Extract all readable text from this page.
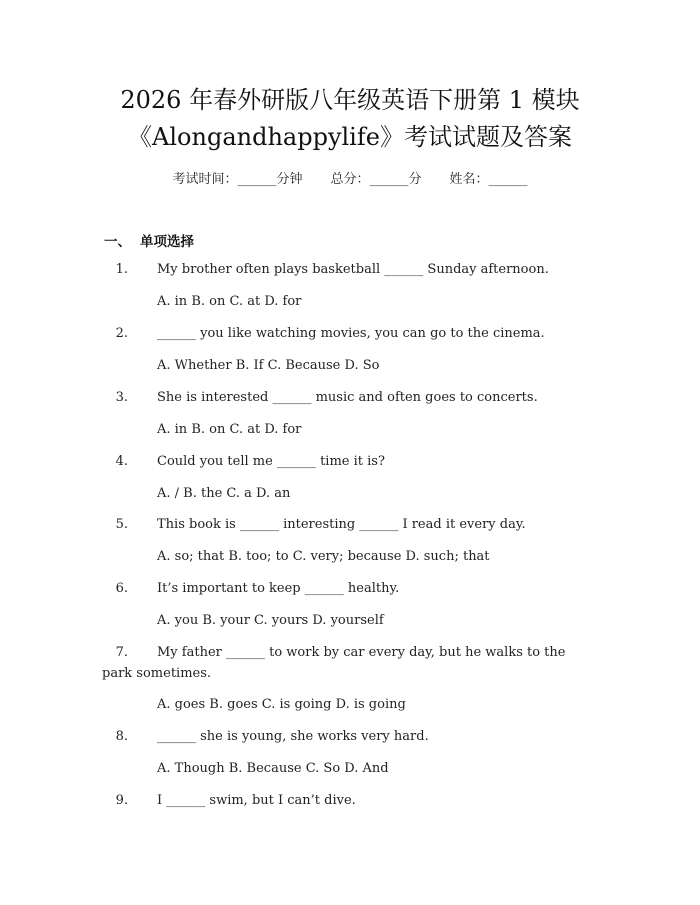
2026 年春外研版八年级英语下册第 1 模块
《Alongandhappylife》考试试题及答案
考试时间：______分钟 总分：______分 姓名：______
一、 单项选择
1. My brother often plays basketball ______ Sunday afternoon.
A. in B. on C. at D. for
2. ______ you like watching movies, you can go to the cinema.
A. Whether B. If C. Because D. So
3. She is interested ______ music and often goes to concerts.
A. in B. on C. at D. for
4. Could you tell me ______ time it is?
A. / B. the C. a D. an
5. This book is ______ interesting ______ I read it every day.
A. so; that B. too; to C. very; because D. such; that
6. It’s important to keep ______ healthy.
A. you B. your C. yours D. yourself
7. My father ______ to work by car every day, but he walks to the park sometimes.
A. goes B. goes C. is going D. is going
8. ______ she is young, she works very hard.
A. Though B. Because C. So D. And
9. I ______ swim, but I can’t dive.
